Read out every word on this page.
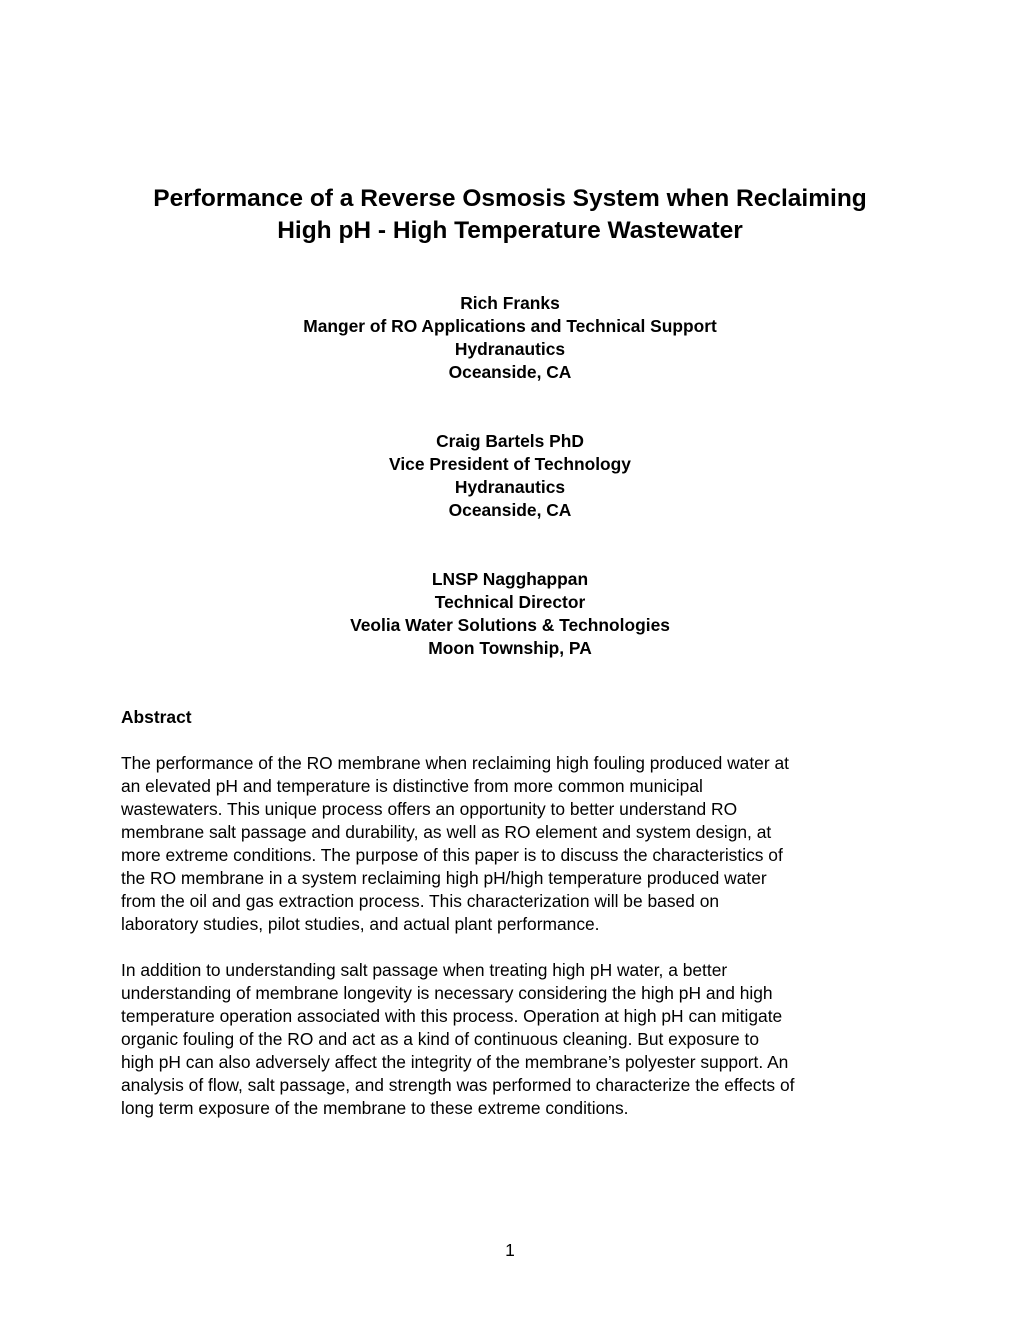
Performance of a Reverse Osmosis System when Reclaiming
High pH - High Temperature Wastewater
Rich Franks
Manger of RO Applications and Technical Support
Hydranautics
Oceanside, CA
Craig Bartels PhD
Vice President of Technology
Hydranautics
Oceanside, CA
LNSP Nagghappan
Technical Director
Veolia Water Solutions & Technologies
Moon Township, PA
Abstract

The performance of the RO membrane when reclaiming high fouling produced water at
an elevated pH and temperature is distinctive from more common municipal
wastewaters. This unique process offers an opportunity to better understand RO
membrane salt passage and durability, as well as RO element and system design, at
more extreme conditions. The purpose of this paper is to discuss the characteristics of
the RO membrane in a system reclaiming high pH/high temperature produced water
from the oil and gas extraction process. This characterization will be based on
laboratory studies, pilot studies, and actual plant performance.

In addition to understanding salt passage when treating high pH water, a better
understanding of membrane longevity is necessary considering the high pH and high
temperature operation associated with this process. Operation at high pH can mitigate
organic fouling of the RO and act as a kind of continuous cleaning. But exposure to
high pH can also adversely affect the integrity of the membrane’s polyester support. An
analysis of flow, salt passage, and strength was performed to characterize the effects of
long term exposure of the membrane to these extreme conditions.

1
